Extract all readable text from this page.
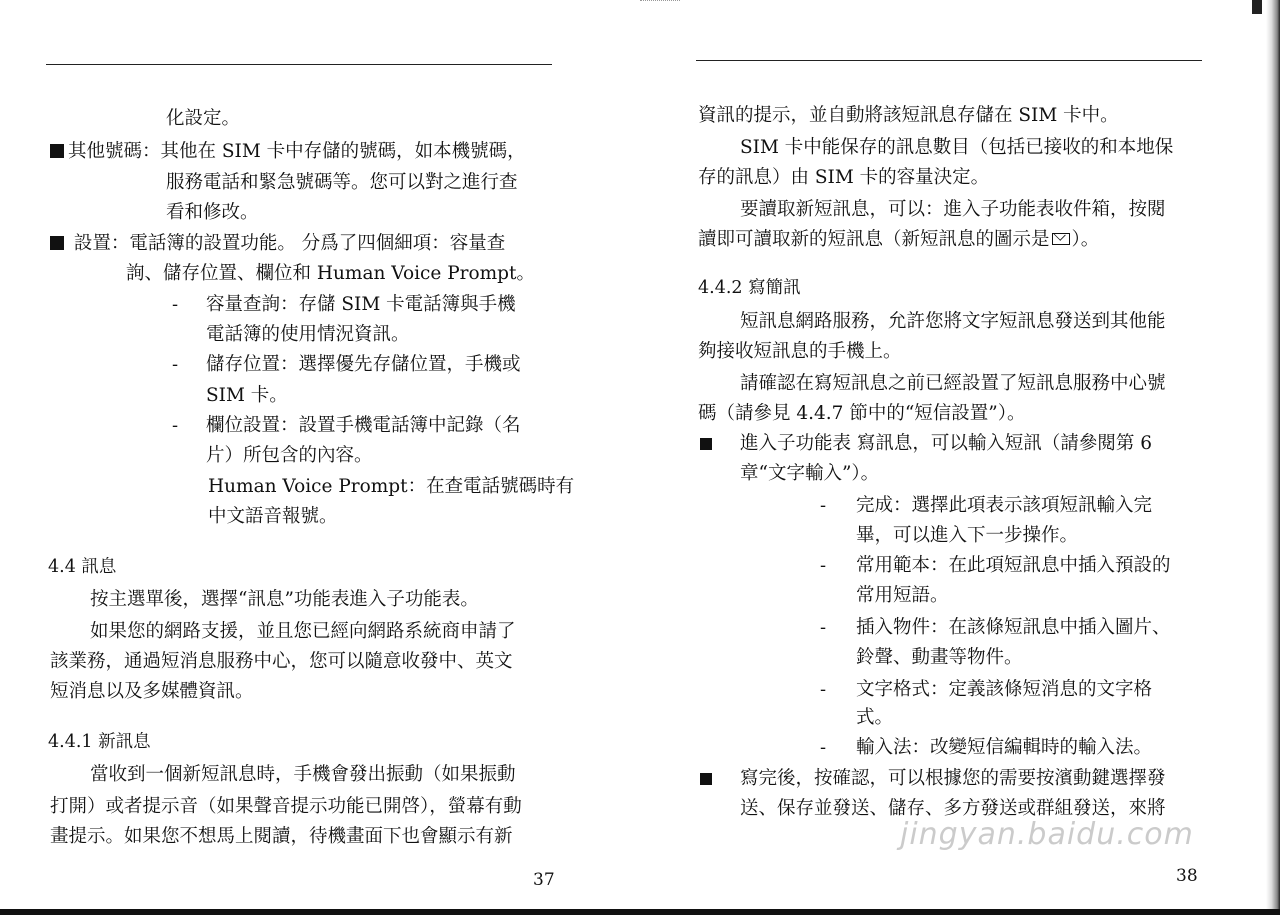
化設定。
其他號碼：其他在 SIM 卡中存儲的號碼，如本機號碼，
服務電話和緊急號碼等。您可以對之進行查
看和修改。
設置：電話簿的設置功能。 分爲了四個細項：容量查
詢、儲存位置、欄位和 Human Voice Prompt。
- 容量查詢：存儲 SIM 卡電話簿與手機
電話簿的使用情況資訊。
- 儲存位置：選擇優先存儲位置，手機或
SIM 卡。
- 欄位設置：設置手機電話簿中記錄（名
片）所包含的內容。
Human Voice Prompt：在查電話號碼時有
中文語音報號。
4.4 訊息
按主選單後，選擇“訊息”功能表進入子功能表。
如果您的網路支援，並且您已經向網路系統商申請了
該業務，通過短消息服務中心，您可以隨意收發中、英文
短消息以及多媒體資訊。
4.4.1 新訊息
當收到一個新短訊息時，手機會發出振動（如果振動
打開）或者提示音（如果聲音提示功能已開啓），螢幕有動
畫提示。如果您不想馬上閱讀，待機畫面下也會顯示有新
37
資訊的提示，並自動將該短訊息存儲在 SIM 卡中。
SIM 卡中能保存的訊息數目（包括已接收的和本地保
存的訊息）由 SIM 卡的容量決定。
要讀取新短訊息，可以：進入子功能表收件箱，按閱
讀即可讀取新的短訊息（新短訊息的圖示是 ）。
4.4.2 寫簡訊
短訊息網路服務，允許您將文字短訊息發送到其他能
夠接收短訊息的手機上。
請確認在寫短訊息之前已經設置了短訊息服務中心號
碼（請參見 4.4.7 節中的“短信設置”）。
進入子功能表 寫訊息，可以輸入短訊（請參閱第 6
章“文字輸入”）。
- 完成：選擇此項表示該項短訊輸入完
畢，可以進入下一步操作。
- 常用範本：在此項短訊息中插入預設的
常用短語。
- 插入物件：在該條短訊息中插入圖片、
鈴聲、動畫等物件。
- 文字格式：定義該條短消息的文字格
式。
- 輸入法：改變短信編輯時的輸入法。
寫完後，按確認，可以根據您的需要按濱動鍵選擇發
送、保存並發送、儲存、多方發送或群組發送，來將
38
jingyan.baidu.com
